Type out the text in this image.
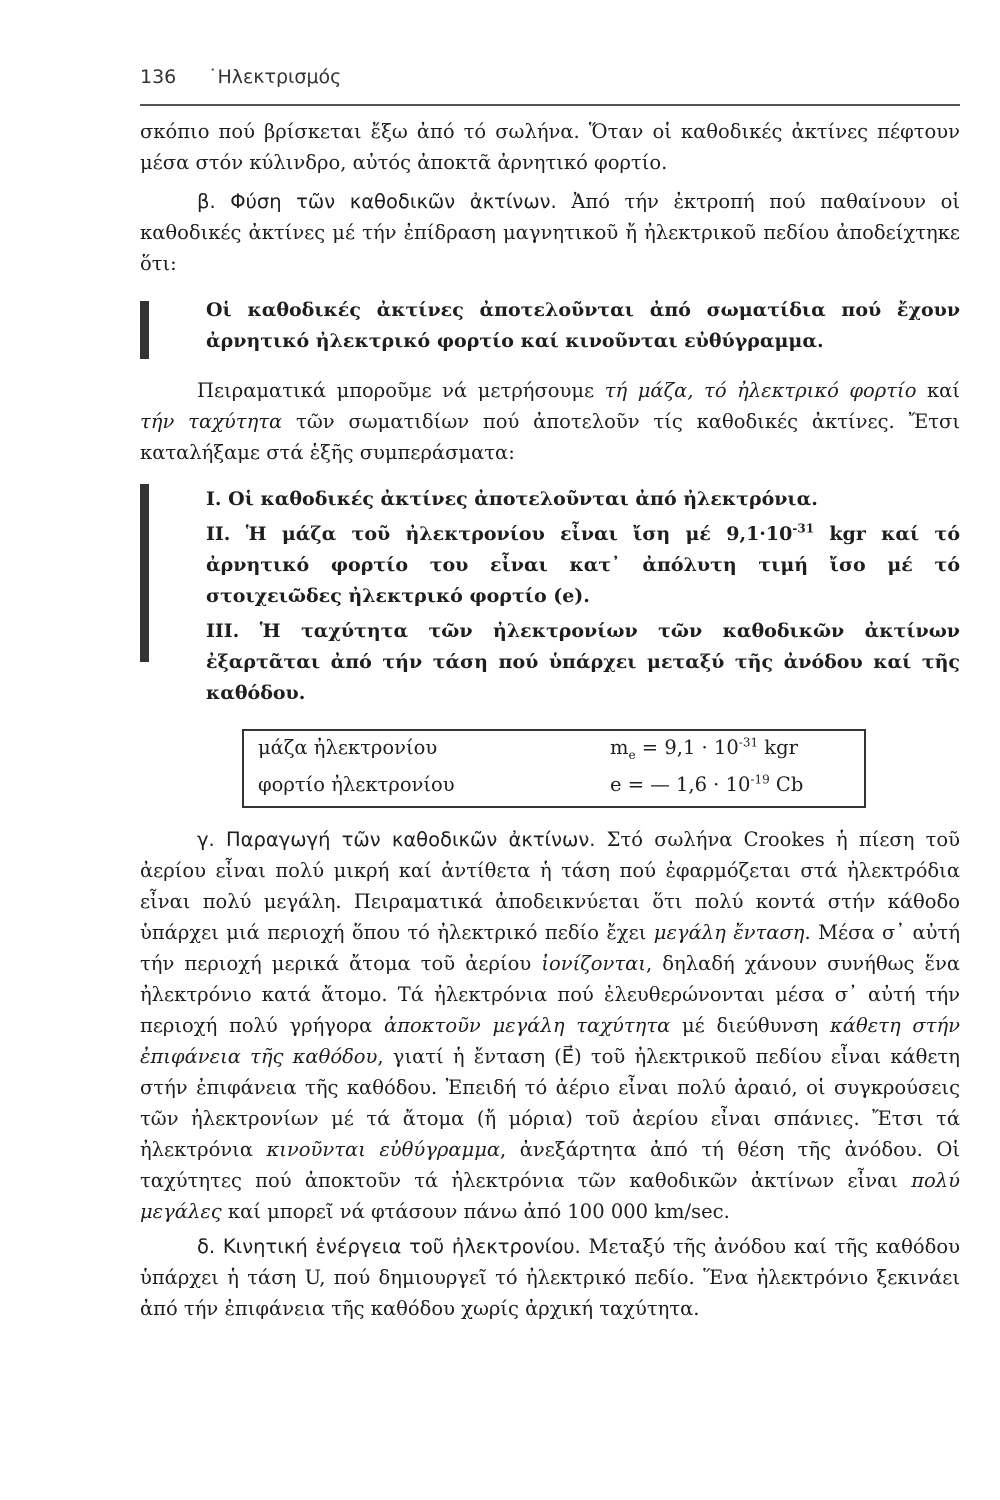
136 ˙Ηλεκτρισμός

σκόπιο πού βρίσκεται ἔξω ἀπό τό σωλήνα. Ὅταν οἱ καθοδικές ἀκτίνες πέφτουν μέσα στόν κύλινδρο, αὐτός ἀποκτᾶ ἀρνητικό φορτίο.

β. Φύση τῶν καθοδικῶν ἀκτίνων. Ἀπό τήν ἐκτροπή πού παθαίνουν οἱ καθοδικές ἀκτίνες μέ τήν ἐπίδραση μαγνητικοῦ ἤ ἠλεκτρικοῦ πεδίου ἀποδείχτηκε ὅτι:

Οἱ καθοδικές ἀκτίνες ἀποτελοῦνται ἀπό σωματίδια πού ἔχουν ἀρνητικό ἠλεκτρικό φορτίο καί κινοῦνται εὐθύγραμμα.

Πειραματικά μποροῦμε νά μετρήσουμε τή μάζα, τό ἠλεκτρικό φορτίο καί τήν ταχύτητα τῶν σωματιδίων πού ἀποτελοῦν τίς καθοδικές ἀκτίνες. Ἔτσι καταλήξαμε στά ἑξῆς συμπεράσματα:

I. Οἱ καθοδικές ἀκτίνες ἀποτελοῦνται ἀπό ἠλεκτρόνια.

II. Ἡ μάζα τοῦ ἠλεκτρονίου εἶναι ἴση μέ $9,1\cdot 10^{-31}$ kgr καί τό ἀρνητικό φορτίο του εἶναι κατ᾿ ἀπόλυτη τιμή ἴσο μέ τό στοιχειῶδες ἠλεκτρικό φορτίο (e).

III. Ἡ ταχύτητα τῶν ἠλεκτρονίων τῶν καθοδικῶν ἀκτίνων ἐξαρτᾶται ἀπό τήν τάση πού ὑπάρχει μεταξύ τῆς ἀνόδου καί τῆς καθόδου.

μάζα ἠλεκτρονίου	$m_e = 9,1 \cdot 10^{-31}$ kgr
φορτίο ἠλεκτρονίου	e = — $1,6 \cdot 10^{-19}$ Cb

γ. Παραγωγή τῶν καθοδικῶν ἀκτίνων. Στό σωλήνα Crookes ἡ πίεση τοῦ ἀερίου εἶναι πολύ μικρή καί ἀντίθετα ἡ τάση πού ἐφαρμόζεται στά ἠλεκτρόδια εἶναι πολύ μεγάλη. Πειραματικά ἀποδεικνύεται ὅτι πολύ κοντά στήν κάθοδο ὑπάρχει μιά περιοχή ὅπου τό ἠλεκτρικό πεδίο ἔχει μεγάλη ἔνταση. Μέσα σ᾿ αὐτή τήν περιοχή μερικά ἄτομα τοῦ ἀερίου ἰονίζονται, δηλαδή χάνουν συνήθως ἕνα ἠλεκτρόνιο κατά ἄτομο. Τά ἠλεκτρόνια πού ἐλευθερώνονται μέσα σ᾿ αὐτή τήν περιοχή πολύ γρήγορα ἀποκτοῦν μεγάλη ταχύτητα μέ διεύθυνση κάθετη στήν ἐπιφάνεια τῆς καθόδου, γιατί ἡ ἔνταση (E⃗) τοῦ ἠλεκτρικοῦ πεδίου εἶναι κάθετη στήν ἐπιφάνεια τῆς καθόδου. Ἐπειδή τό ἀέριο εἶναι πολύ ἀραιό, οἱ συγκρούσεις τῶν ἠλεκτρονίων μέ τά ἄτομα (ἤ μόρια) τοῦ ἀερίου εἶναι σπάνιες. Ἔτσι τά ἠλεκτρόνια κινοῦνται εὐθύγραμμα, ἀνεξάρτητα ἀπό τή θέση τῆς ἀνόδου. Οἱ ταχύτητες πού ἀποκτοῦν τά ἠλεκτρόνια τῶν καθοδικῶν ἀκτίνων εἶναι πολύ μεγάλες καί μπορεῖ νά φτάσουν πάνω ἀπό 100 000 km/sec.

δ. Κινητική ἐνέργεια τοῦ ἠλεκτρονίου. Μεταξύ τῆς ἀνόδου καί τῆς καθόδου ὑπάρχει ἡ τάση U, πού δημιουργεῖ τό ἠλεκτρικό πεδίο. Ἕνα ἠλεκτρόνιο ξεκινάει ἀπό τήν ἐπιφάνεια τῆς καθόδου χωρίς ἀρχική ταχύτητα.
